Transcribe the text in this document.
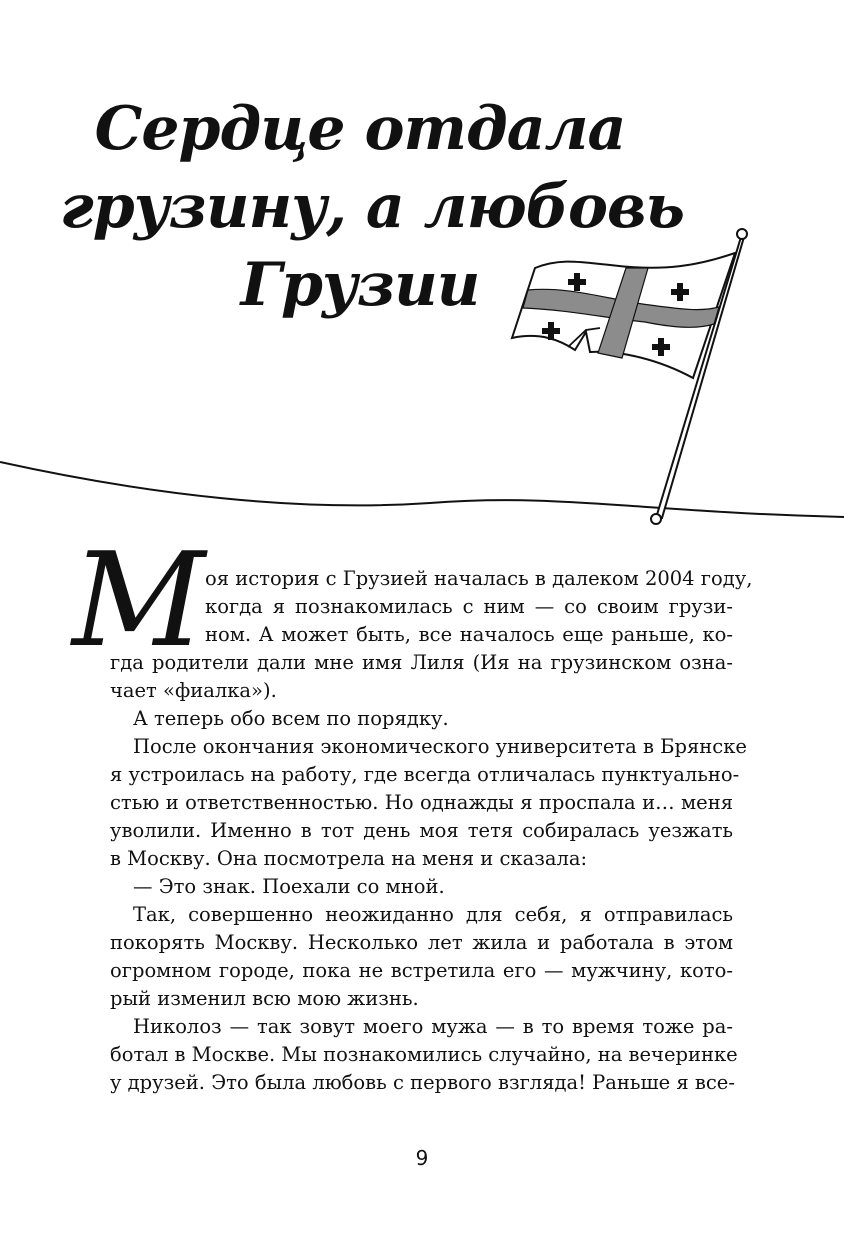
Сердце отдала
грузину, а любовь
Грузии
М оя история с Грузией началась в далеком 2004 году,
когда я познакомилась с ним — со своим грузи-
ном. А может быть, все началось еще раньше, ко-
гда родители дали мне имя Лиля (Ия на грузинском озна-
чает «фиалка»).
А теперь обо всем по порядку.
После окончания экономического университета в Брянске
я устроилась на работу, где всегда отличалась пунктуальнo-
стью и ответственностью. Но однажды я проспала и… меня
уволили. Именно в тот день моя тетя собиралась уезжать
в Москву. Она посмотрела на меня и сказала:
— Это знак. Поехали со мной.
Так, совершенно неожиданно для себя, я отправилась
покорять Москву. Несколько лет жила и работала в этом
огромном городе, пока не встретила его — мужчину, кото-
рый изменил всю мою жизнь.
Николоз — так зовут моего мужа — в то время тоже ра-
ботал в Москве. Мы познакомились случайно, на вечеринке
у друзей. Это была любовь с первого взгляда! Раньше я все-
9
